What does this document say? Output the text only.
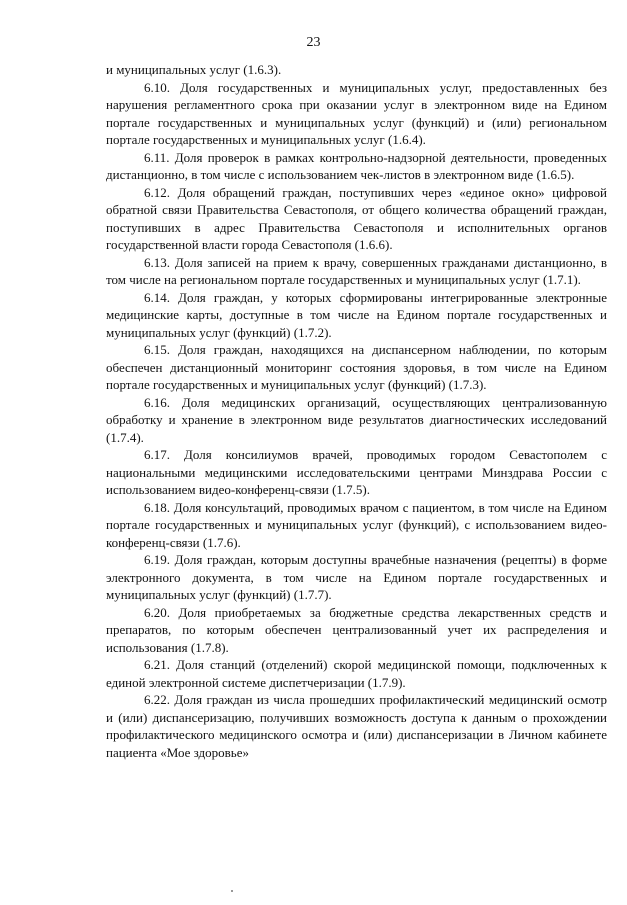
23

и муниципальных услуг (1.6.3).

6.10. Доля государственных и муниципальных услуг, предоставленных без нарушения регламентного срока при оказании услуг в электронном виде на Едином портале государственных и муниципальных услуг (функций) и (или) региональном портале государственных и муниципальных услуг (1.6.4).

6.11. Доля проверок в рамках контрольно-надзорной деятельности, проведенных дистанционно, в том числе с использованием чек-листов в электронном виде (1.6.5).

6.12. Доля обращений граждан, поступивших через «единое окно» цифровой обратной связи Правительства Севастополя, от общего количества обращений граждан, поступивших в адрес Правительства Севастополя и исполнительных органов государственной власти города Севастополя (1.6.6).

6.13. Доля записей на прием к врачу, совершенных гражданами дистанционно, в том числе на региональном портале государственных и муниципальных услуг (1.7.1).

6.14. Доля граждан, у которых сформированы интегрированные электронные медицинские карты, доступные в том числе на Едином портале государственных и муниципальных услуг (функций) (1.7.2).

6.15. Доля граждан, находящихся на диспансерном наблюдении, по которым обеспечен дистанционный мониторинг состояния здоровья, в том числе на Едином портале государственных и муниципальных услуг (функций) (1.7.3).

6.16. Доля медицинских организаций, осуществляющих централизованную обработку и хранение в электронном виде результатов диагностических исследований (1.7.4).

6.17. Доля консилиумов врачей, проводимых городом Севастополем с национальными медицинскими исследовательскими центрами Минздрава России с использованием видео-конференц-связи (1.7.5).

6.18. Доля консультаций, проводимых врачом с пациентом, в том числе на Едином портале государственных и муниципальных услуг (функций), с использованием видео-конференц-связи (1.7.6).

6.19. Доля граждан, которым доступны врачебные назначения (рецепты) в форме электронного документа, в том числе на Едином портале государственных и муниципальных услуг (функций) (1.7.7).

6.20. Доля приобретаемых за бюджетные средства лекарственных средств и препаратов, по которым обеспечен централизованный учет их распределения и использования (1.7.8).

6.21. Доля станций (отделений) скорой медицинской помощи, подключенных к единой электронной системе диспетчеризации (1.7.9).

6.22. Доля граждан из числа прошедших профилактический медицинский осмотр и (или) диспансеризацию, получивших возможность доступа к данным о прохождении профилактического медицинского осмотра и (или) диспансеризации в Личном кабинете пациента «Мое здоровье»
